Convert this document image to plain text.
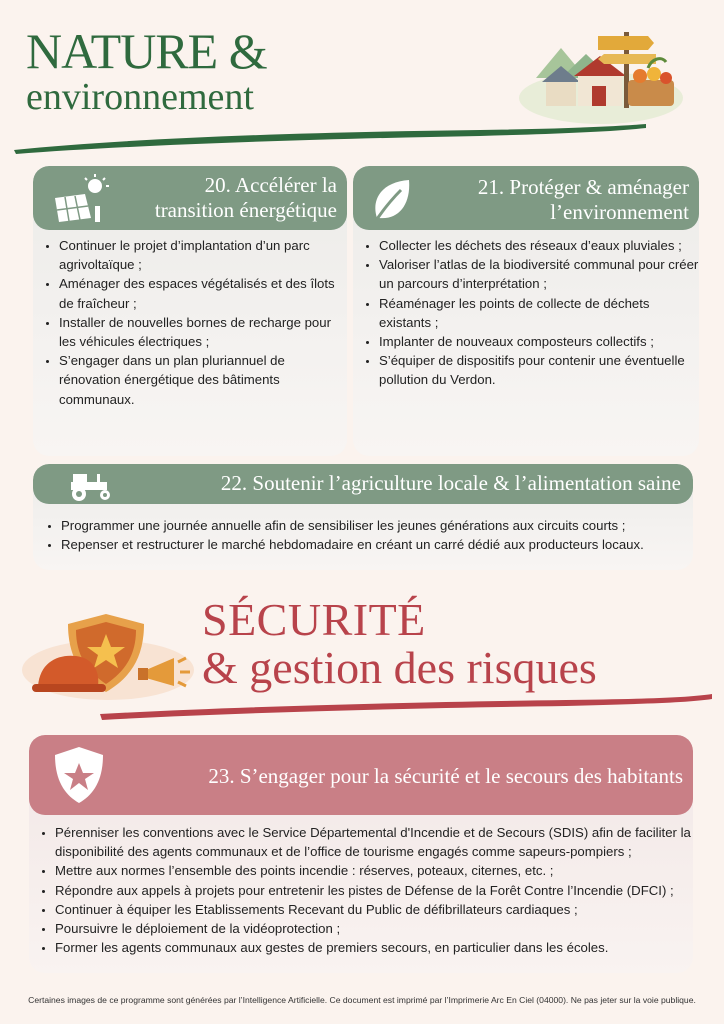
NATURE &
environnement
20. Accélérer la
transition énergétique
• Continuer le projet d’implantation d’un parc agrivoltaïque ;
• Aménager des espaces végétalisés et des îlots de fraîcheur ;
• Installer de nouvelles bornes de recharge pour les véhicules électriques ;
• S’engager dans un plan pluriannuel de rénovation énergétique des bâtiments communaux.
21. Protéger & aménager
l’environnement
• Collecter les déchets des réseaux d’eaux pluviales ;
• Valoriser l’atlas de la biodiversité communal pour créer un parcours d’interprétation ;
• Réaménager les points de collecte de déchets existants ;
• Implanter de nouveaux composteurs collectifs ;
• S’équiper de dispositifs pour contenir une éventuelle pollution du Verdon.
22. Soutenir l’agriculture locale & l’alimentation saine
• Programmer une journée annuelle afin de sensibiliser les jeunes générations aux circuits courts ;
• Repenser et restructurer le marché hebdomadaire en créant un carré dédié aux producteurs locaux.
SÉCURITÉ
& gestion des risques
23. S’engager pour la sécurité et le secours des habitants
• Pérenniser les conventions avec le Service Départemental d'Incendie et de Secours (SDIS) afin de faciliter la disponibilité des agents communaux et de l’office de tourisme engagés comme sapeurs-pompiers ;
• Mettre aux normes l’ensemble des points incendie : réserves, poteaux, citernes, etc. ;
• Répondre aux appels à projets pour entretenir les pistes de Défense de la Forêt Contre l’Incendie (DFCI) ;
• Continuer à équiper les Etablissements Recevant du Public de défibrillateurs cardiaques ;
• Poursuivre le déploiement de la vidéoprotection ;
• Former les agents communaux aux gestes de premiers secours, en particulier dans les écoles.
Certaines images de ce programme sont générées par l’Intelligence Artificielle. Ce document est imprimé par l’Imprimerie Arc En Ciel (04000). Ne pas jeter sur la voie publique.
